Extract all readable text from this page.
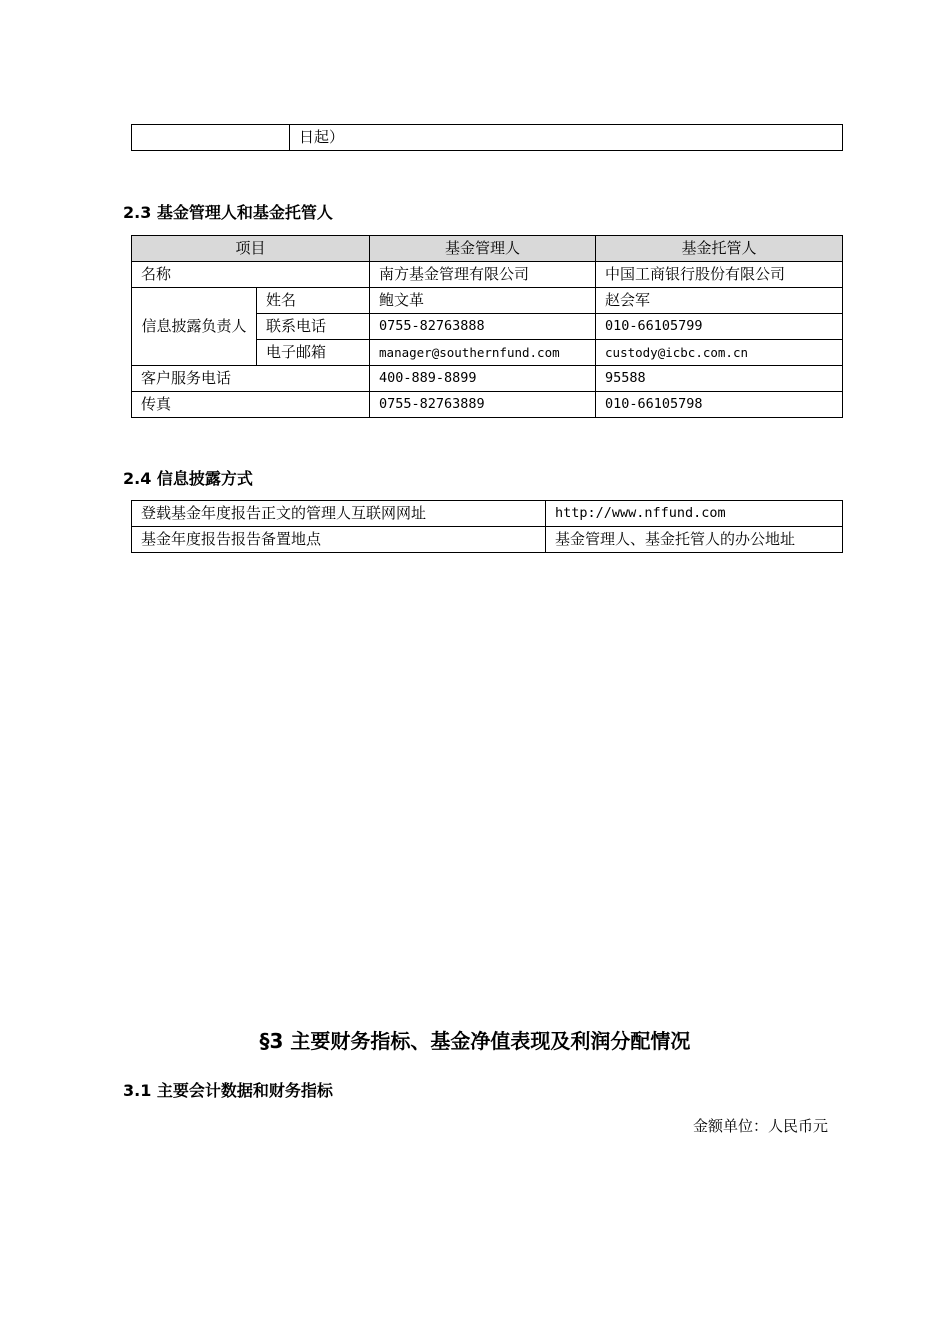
	日起）
2.3 基金管理人和基金托管人
项目		基金管理人	基金托管人
名称		南方基金管理有限公司	中国工商银行股份有限公司
信息披露负责人	姓名	鲍文革	赵会军
	联系电话	0755-82763888	010-66105799
	电子邮箱	manager@southernfund.com	custody@icbc.com.cn
客户服务电话		400-889-8899	95588
传真		0755-82763889	010-66105798
2.4 信息披露方式
登载基金年度报告正文的管理人互联网网址	http://www.nffund.com
基金年度报告报告备置地点	基金管理人、基金托管人的办公地址
§3 主要财务指标、基金净值表现及利润分配情况
3.1 主要会计数据和财务指标
金额单位：人民币元
